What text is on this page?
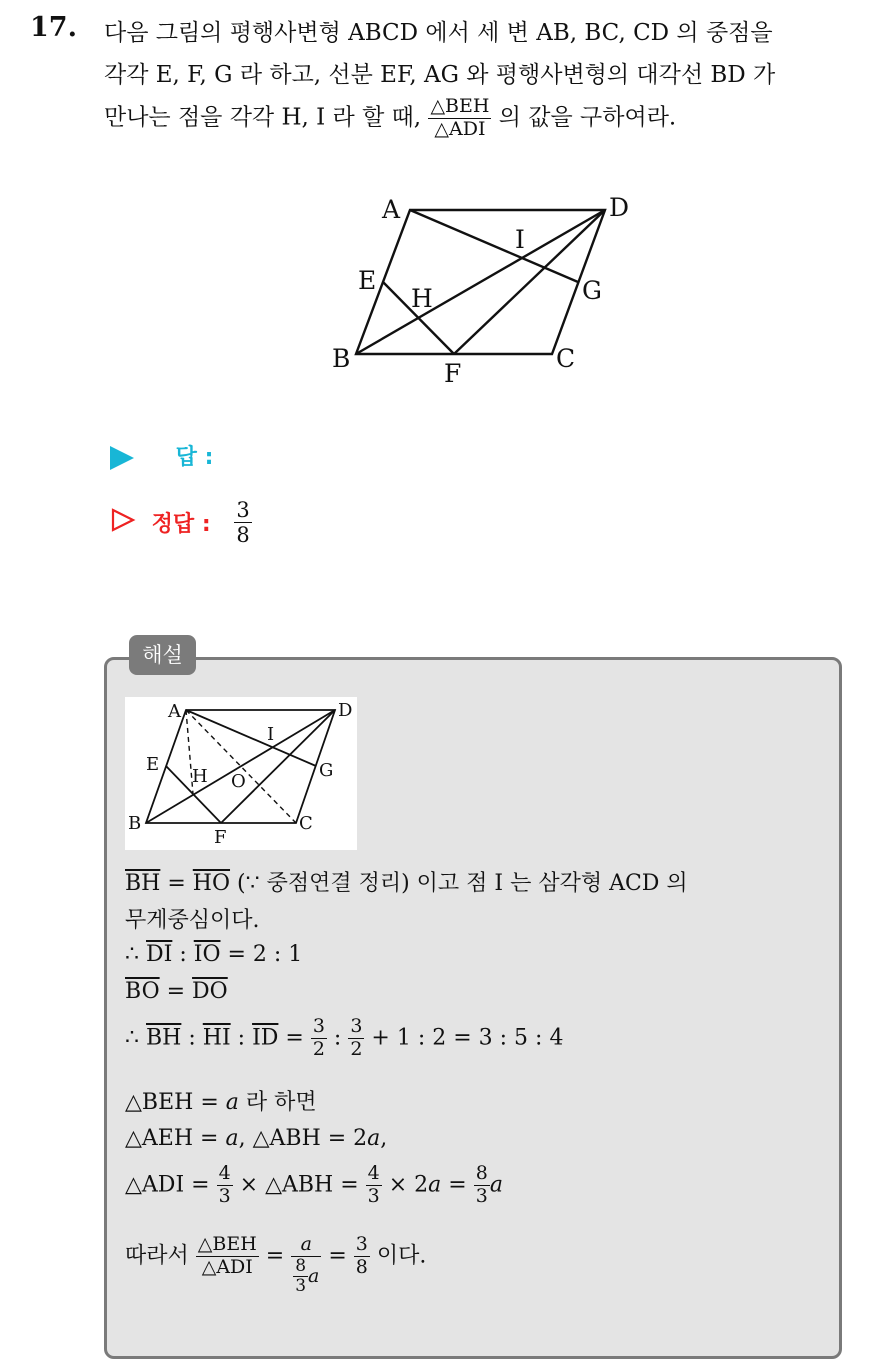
17. 다음 그림의 평행사변형 ABCD 에서 세 변 AB, BC, CD 의 중점을
각각 E, F, G 라 하고, 선분 EF, AG 와 평행사변형의 대각선 BD 가
만나는 점을 각각 H, I 라 할 때, $\frac{\text{△BEH}}{\text{△ADI}}$ 의 값을 구하여라.
A	D
I
E	G
H
B	C
F
답 :
정답 : $\frac{3}{8}$
해설
A	D
I
E	G
H O
B	C
F
$\overline{BH} = \overline{HO}$ (∵ 중점연결 정리) 이고 점 I 는 삼각형 ACD 의
무게중심이다.
∴ $\overline{DI}$ : $\overline{IO} = 2$ : 1
$\overline{BO} = \overline{DO}$
∴ $\overline{BH}$ : $\overline{HI}$ : $\overline{ID} = \frac{3}{2}$ : $\frac{3}{2} + 1$ : 2 = 3 : 5 : 4
△BEH = a 라 하면
△AEH = a, △ABH = 2a,
△ADI = $\frac{4}{3}$ × △ABH = $\frac{4}{3} \times 2a = \frac{8}{3}$ a
따라서 $\frac{\text{△BEH}}{\text{△ADI}} = \frac{a}{\frac{8}{3} a} = \frac{3}{8}$ 이다.
